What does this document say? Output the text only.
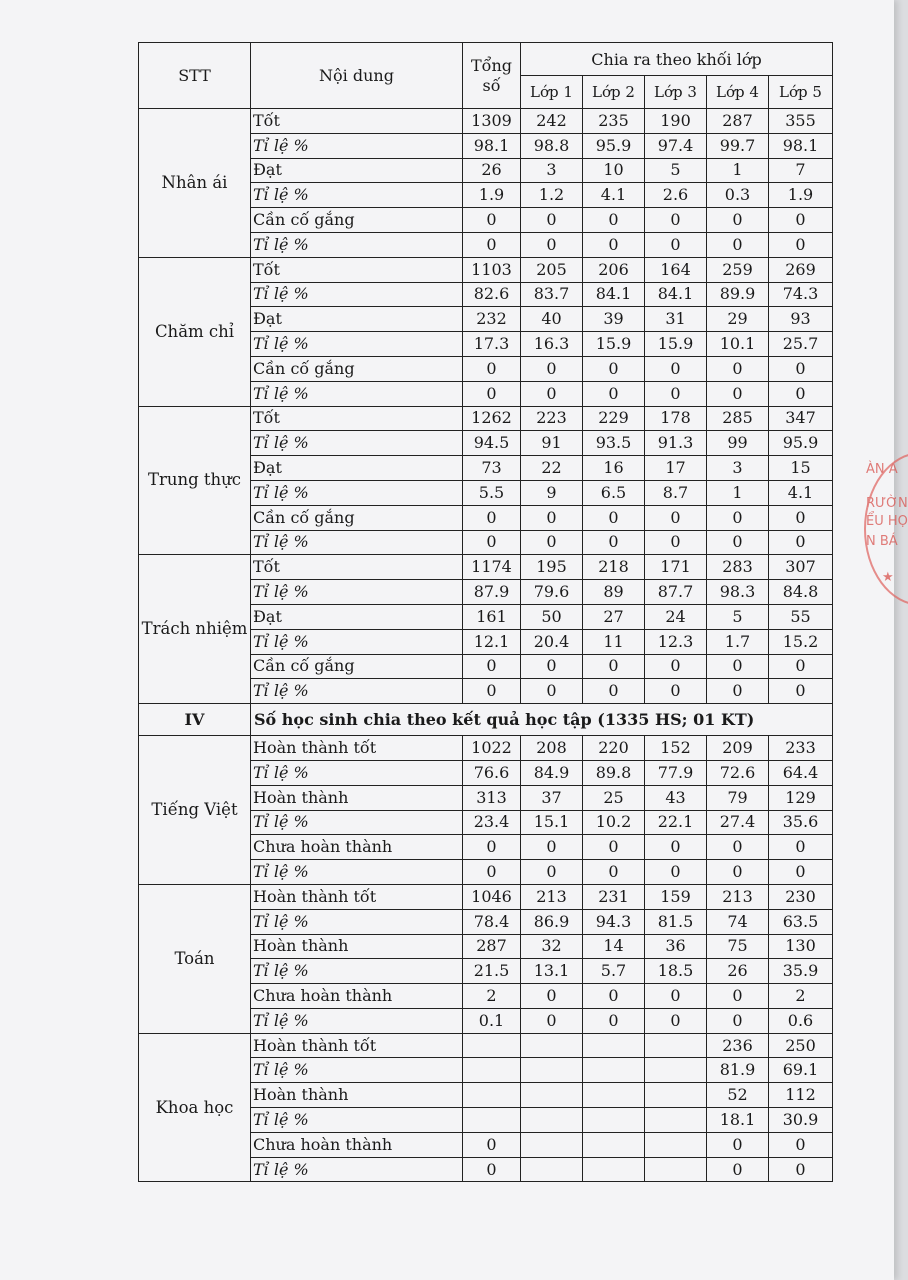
STT	Nội dung	Tổng số	Chia ra theo khối lớp				
			Lớp 1	Lớp 2	Lớp 3	Lớp 4	Lớp 5
Nhân ái	Tốt	1309	242	235	190	287	355
	Tỉ lệ %	98.1	98.8	95.9	97.4	99.7	98.1
	Đạt	26	3	10	5	1	7
	Tỉ lệ %	1.9	1.2	4.1	2.6	0.3	1.9
	Cần cố gắng	0	0	0	0	0	0
	Tỉ lệ %	0	0	0	0	0	0
Chăm chỉ	Tốt	1103	205	206	164	259	269
	Tỉ lệ %	82.6	83.7	84.1	84.1	89.9	74.3
	Đạt	232	40	39	31	29	93
	Tỉ lệ %	17.3	16.3	15.9	15.9	10.1	25.7
	Cần cố gắng	0	0	0	0	0	0
	Tỉ lệ %	0	0	0	0	0	0
Trung thực	Tốt	1262	223	229	178	285	347
	Tỉ lệ %	94.5	91	93.5	91.3	99	95.9
	Đạt	73	22	16	17	3	15
	Tỉ lệ %	5.5	9	6.5	8.7	1	4.1
	Cần cố gắng	0	0	0	0	0	0
	Tỉ lệ %	0	0	0	0	0	0
Trách nhiệm	Tốt	1174	195	218	171	283	307
	Tỉ lệ %	87.9	79.6	89	87.7	98.3	84.8
	Đạt	161	50	27	24	5	55
	Tỉ lệ %	12.1	20.4	11	12.3	1.7	15.2
	Cần cố gắng	0	0	0	0	0	0
	Tỉ lệ %	0	0	0	0	0	0
IV	Số học sinh chia theo kết quả học tập (1335 HS; 01 KT)						
Tiếng Việt	Hoàn thành tốt	1022	208	220	152	209	233
	Tỉ lệ %	76.6	84.9	89.8	77.9	72.6	64.4
	Hoàn thành	313	37	25	43	79	129
	Tỉ lệ %	23.4	15.1	10.2	22.1	27.4	35.6
	Chưa hoàn thành	0	0	0	0	0	0
	Tỉ lệ %	0	0	0	0	0	0
Toán	Hoàn thành tốt	1046	213	231	159	213	230
	Tỉ lệ %	78.4	86.9	94.3	81.5	74	63.5
	Hoàn thành	287	32	14	36	75	130
	Tỉ lệ %	21.5	13.1	5.7	18.5	26	35.9
	Chưa hoàn thành	2	0	0	0	0	2
	Tỉ lệ %	0.1	0	0	0	0	0.6
Khoa học	Hoàn thành tốt					236	250
	Tỉ lệ %					81.9	69.1
	Hoàn thành					52	112
	Tỉ lệ %					18.1	30.9
	Chưa hoàn thành	0				0	0
	Tỉ lệ %	0				0	0
ÀN A
RƯỜN
ỂU HỌ
N BÁ
★
